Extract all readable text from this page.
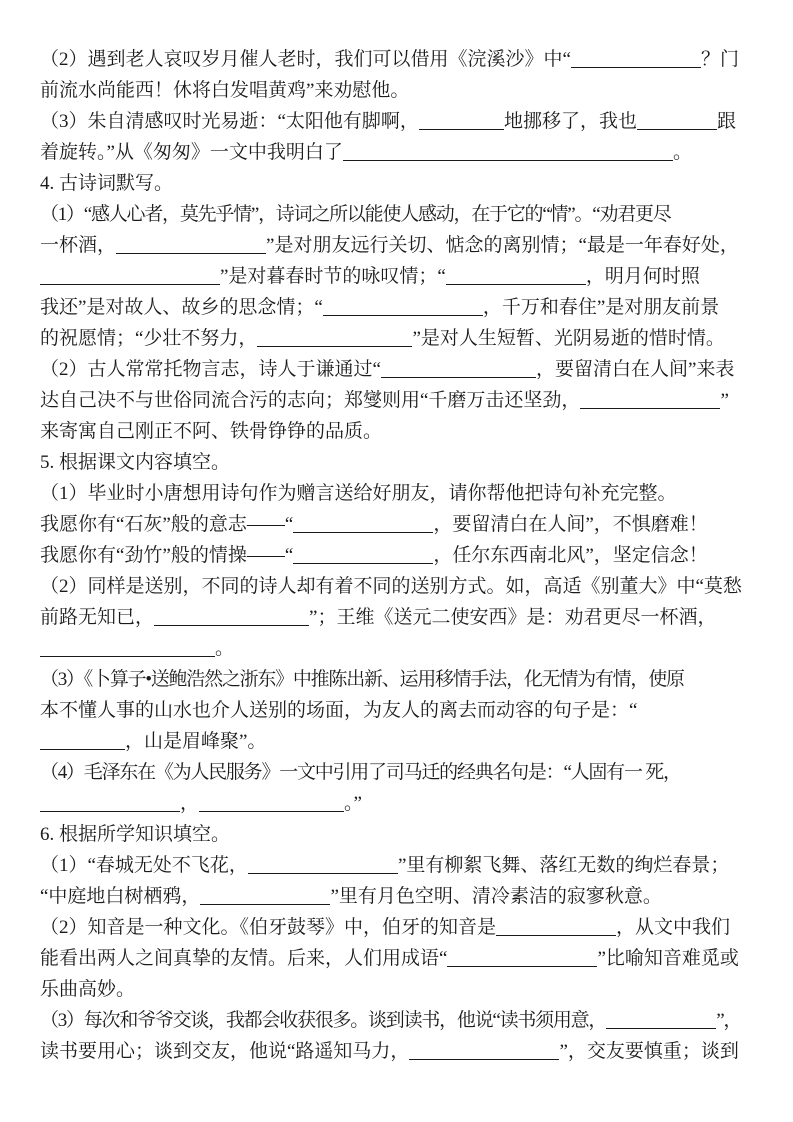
（2）遇到老人哀叹岁月催人老时，我们可以借用《浣溪沙》中“	？门
前流水尚能西！休将白发唱黄鸡”来劝慰他。
（3）朱自清感叹时光易逝：“太阳他有脚啊，	地挪移了，我也	跟
着旋转。”从《匆匆》一文中我明白了	。
4. 古诗词默写。
（1）“感人心者，莫先乎情”，诗词之所以能使人感动，在于它的“情”。“劝君更尽
一杯酒，	”是对朋友远行关切、惦念的离别情；“最是一年春好处，
”是对暮春时节的咏叹情；“	，明月何时照
我还”是对故人、故乡的思念情；“	，千万和春住”是对朋友前景
的祝愿情；“少壮不努力，	”是对人生短暂、光阴易逝的惜时情。
（2）古人常常托物言志，诗人于谦通过“	，要留清白在人间”来表
达自己决不与世俗同流合污的志向；郑燮则用“千磨万击还坚劲，	”
来寄寓自己刚正不阿、铁骨铮铮的品质。
5. 根据课文内容填空。
（1）毕业时小唐想用诗句作为赠言送给好朋友，请你帮他把诗句补充完整。
我愿你有“石灰”般的意志——“	，要留清白在人间”，不惧磨难！
我愿你有“劲竹”般的情操——“	，任尔东西南北风”，坚定信念！
（2）同样是送别，不同的诗人却有着不同的送别方式。如，高适《别董大》中“莫愁
前路无知已，	”；王维《送元二使安西》是：劝君更尽一杯酒，
。
（3）《卜算子•送鲍浩然之浙东》中推陈出新、运用移情手法，化无情为有情，使原
本不懂人事的山水也介人送别的场面，为友人的离去而动容的句子是：“
，山是眉峰聚”。
（4）毛泽东在《为人民服务》一文中引用了司马迁的经典名句是：“人固有一 死，
，	。”
6. 根据所学知识填空。
（1）“春城无处不飞花，	”里有柳絮飞舞、落红无数的绚烂春景；
“中庭地白树栖鸦，	”里有月色空明、清冷素洁的寂寥秋意。
（2）知音是一种文化。《伯牙鼓琴》中，伯牙的知音是	，从文中我们
能看出两人之间真挚的友情。后来，人们用成语“	”比喻知音难觅或
乐曲高妙。
（3）每次和爷爷交谈，我都会收获很多。谈到读书，他说“读书须用意，	”，
读书要用心；谈到交友，他说“路遥知马力，	”，交友要慎重；谈到
